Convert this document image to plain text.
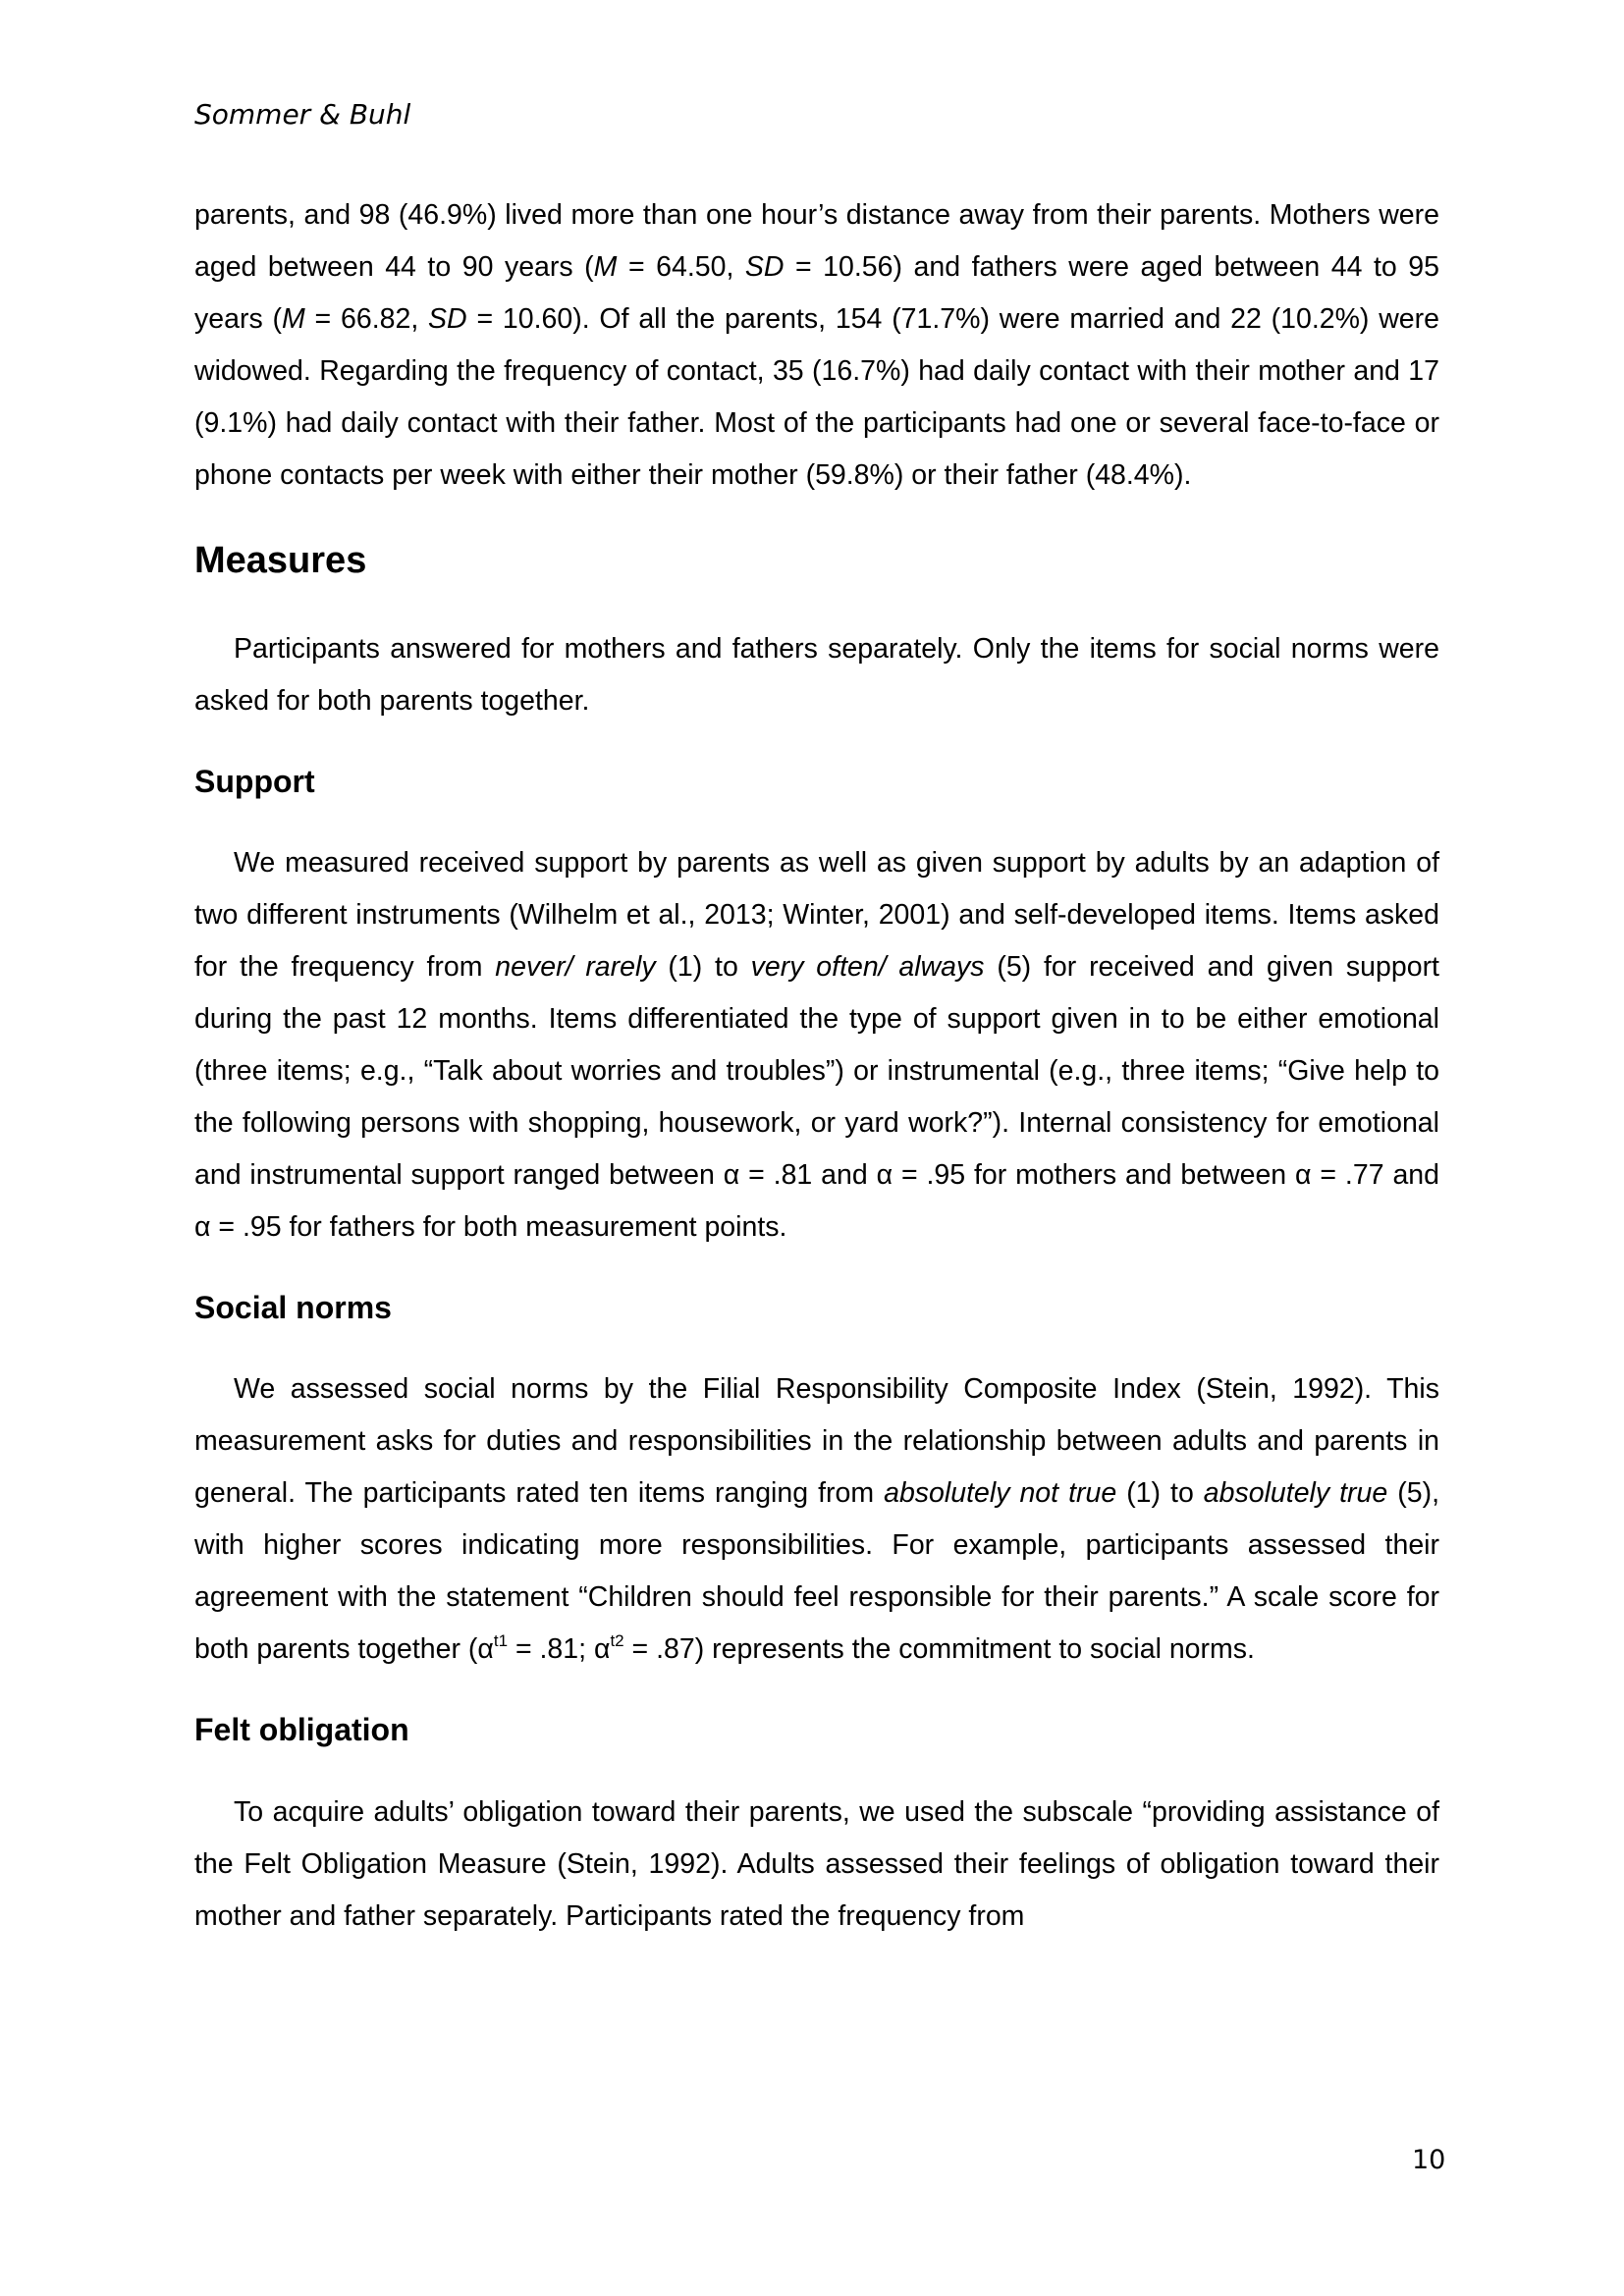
Sommer & Buhl

parents, and 98 (46.9%) lived more than one hour’s distance away from their parents. Mothers were aged between 44 to 90 years (M = 64.50, SD = 10.56) and fathers were aged between 44 to 95 years (M = 66.82, SD = 10.60). Of all the parents, 154 (71.7%) were married and 22 (10.2%) were widowed. Regarding the frequency of contact, 35 (16.7%) had daily contact with their mother and 17 (9.1%) had daily contact with their father. Most of the participants had one or several face-to-face or phone contacts per week with either their mother (59.8%) or their father (48.4%).

Measures

Participants answered for mothers and fathers separately. Only the items for social norms were asked for both parents together.

Support

We measured received support by parents as well as given support by adults by an adaption of two different instruments (Wilhelm et al., 2013; Winter, 2001) and self-developed items. Items asked for the frequency from never/ rarely (1) to very often/ always (5) for received and given support during the past 12 months. Items differentiated the type of support given in to be either emotional (three items; e.g., “Talk about worries and troubles”) or instrumental (e.g., three items; “Give help to the following persons with shopping, housework, or yard work?”). Internal consistency for emotional and instrumental support ranged between α = .81 and α = .95 for mothers and between α = .77 and α = .95 for fathers for both measurement points.

Social norms

We assessed social norms by the Filial Responsibility Composite Index (Stein, 1992). This measurement asks for duties and responsibilities in the relationship between adults and parents in general. The participants rated ten items ranging from absolutely not true (1) to absolutely true (5), with higher scores indicating more responsibilities. For example, participants assessed their agreement with the statement “Children should feel responsible for their parents.” A scale score for both parents together ($\alpha^{t1} = .81$; $\alpha^{t2} = .87$) represents the commitment to social norms.

Felt obligation

To acquire adults’ obligation toward their parents, we used the subscale “providing assistance of the Felt Obligation Measure (Stein, 1992). Adults assessed their feelings of obligation toward their mother and father separately. Participants rated the frequency from

10
